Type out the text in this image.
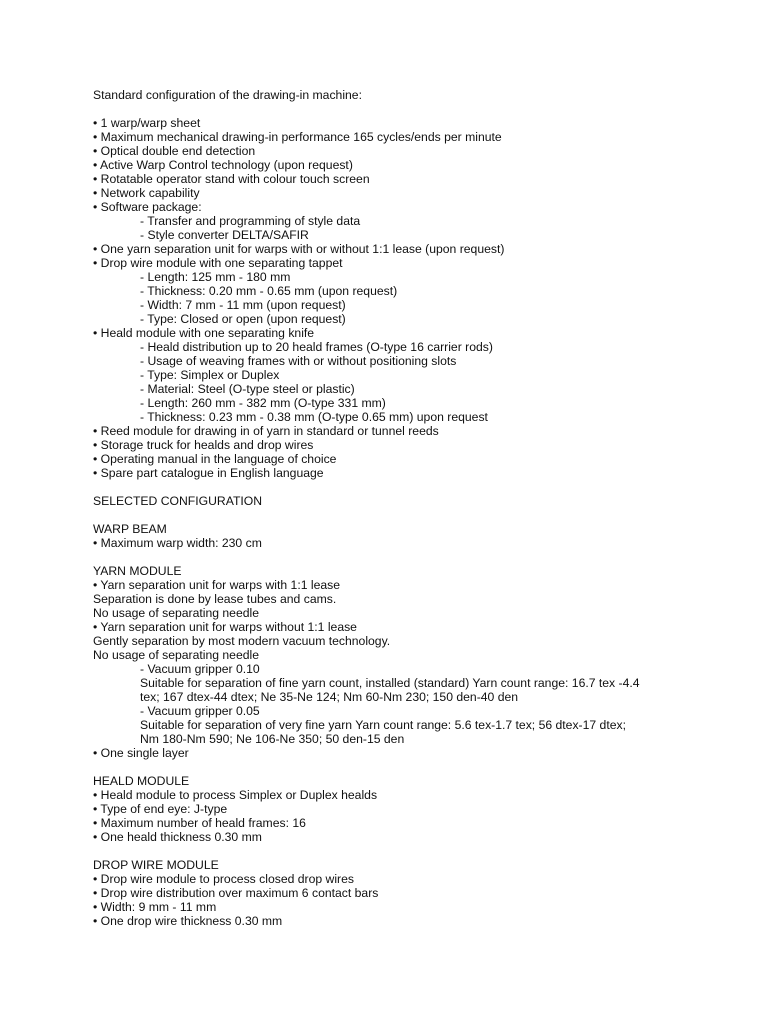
Standard configuration of the drawing-in machine:
• 1 warp/warp sheet
• Maximum mechanical drawing-in performance 165 cycles/ends per minute
• Optical double end detection
• Active Warp Control technology (upon request)
• Rotatable operator stand with colour touch screen
• Network capability
• Software package:
- Transfer and programming of style data
- Style converter DELTA/SAFIR
• One yarn separation unit for warps with or without 1:1 lease (upon request)
• Drop wire module with one separating tappet
- Length: 125 mm - 180 mm
- Thickness: 0.20 mm - 0.65 mm (upon request)
- Width: 7 mm - 11 mm (upon request)
- Type: Closed or open (upon request)
• Heald module with one separating knife
- Heald distribution up to 20 heald frames (O-type 16 carrier rods)
- Usage of weaving frames with or without positioning slots
- Type: Simplex or Duplex
- Material: Steel (O-type steel or plastic)
- Length: 260 mm - 382 mm (O-type 331 mm)
- Thickness: 0.23 mm - 0.38 mm (O-type 0.65 mm) upon request
• Reed module for drawing in of yarn in standard or tunnel reeds
• Storage truck for healds and drop wires
• Operating manual in the language of choice
• Spare part catalogue in English language
SELECTED CONFIGURATION
WARP BEAM
• Maximum warp width: 230 cm
YARN MODULE
• Yarn separation unit for warps with 1:1 lease
Separation is done by lease tubes and cams.
No usage of separating needle
• Yarn separation unit for warps without 1:1 lease
Gently separation by most modern vacuum technology.
No usage of separating needle
- Vacuum gripper 0.10
Suitable for separation of fine yarn count, installed (standard) Yarn count range: 16.7 tex -4.4
tex; 167 dtex-44 dtex; Ne 35-Ne 124; Nm 60-Nm 230; 150 den-40 den
- Vacuum gripper 0.05
Suitable for separation of very fine yarn Yarn count range: 5.6 tex-1.7 tex; 56 dtex-17 dtex;
Nm 180-Nm 590; Ne 106-Ne 350; 50 den-15 den
• One single layer
HEALD MODULE
• Heald module to process Simplex or Duplex healds
• Type of end eye: J-type
• Maximum number of heald frames: 16
• One heald thickness 0.30 mm
DROP WIRE MODULE
• Drop wire module to process closed drop wires
• Drop wire distribution over maximum 6 contact bars
• Width: 9 mm - 11 mm
• One drop wire thickness 0.30 mm
